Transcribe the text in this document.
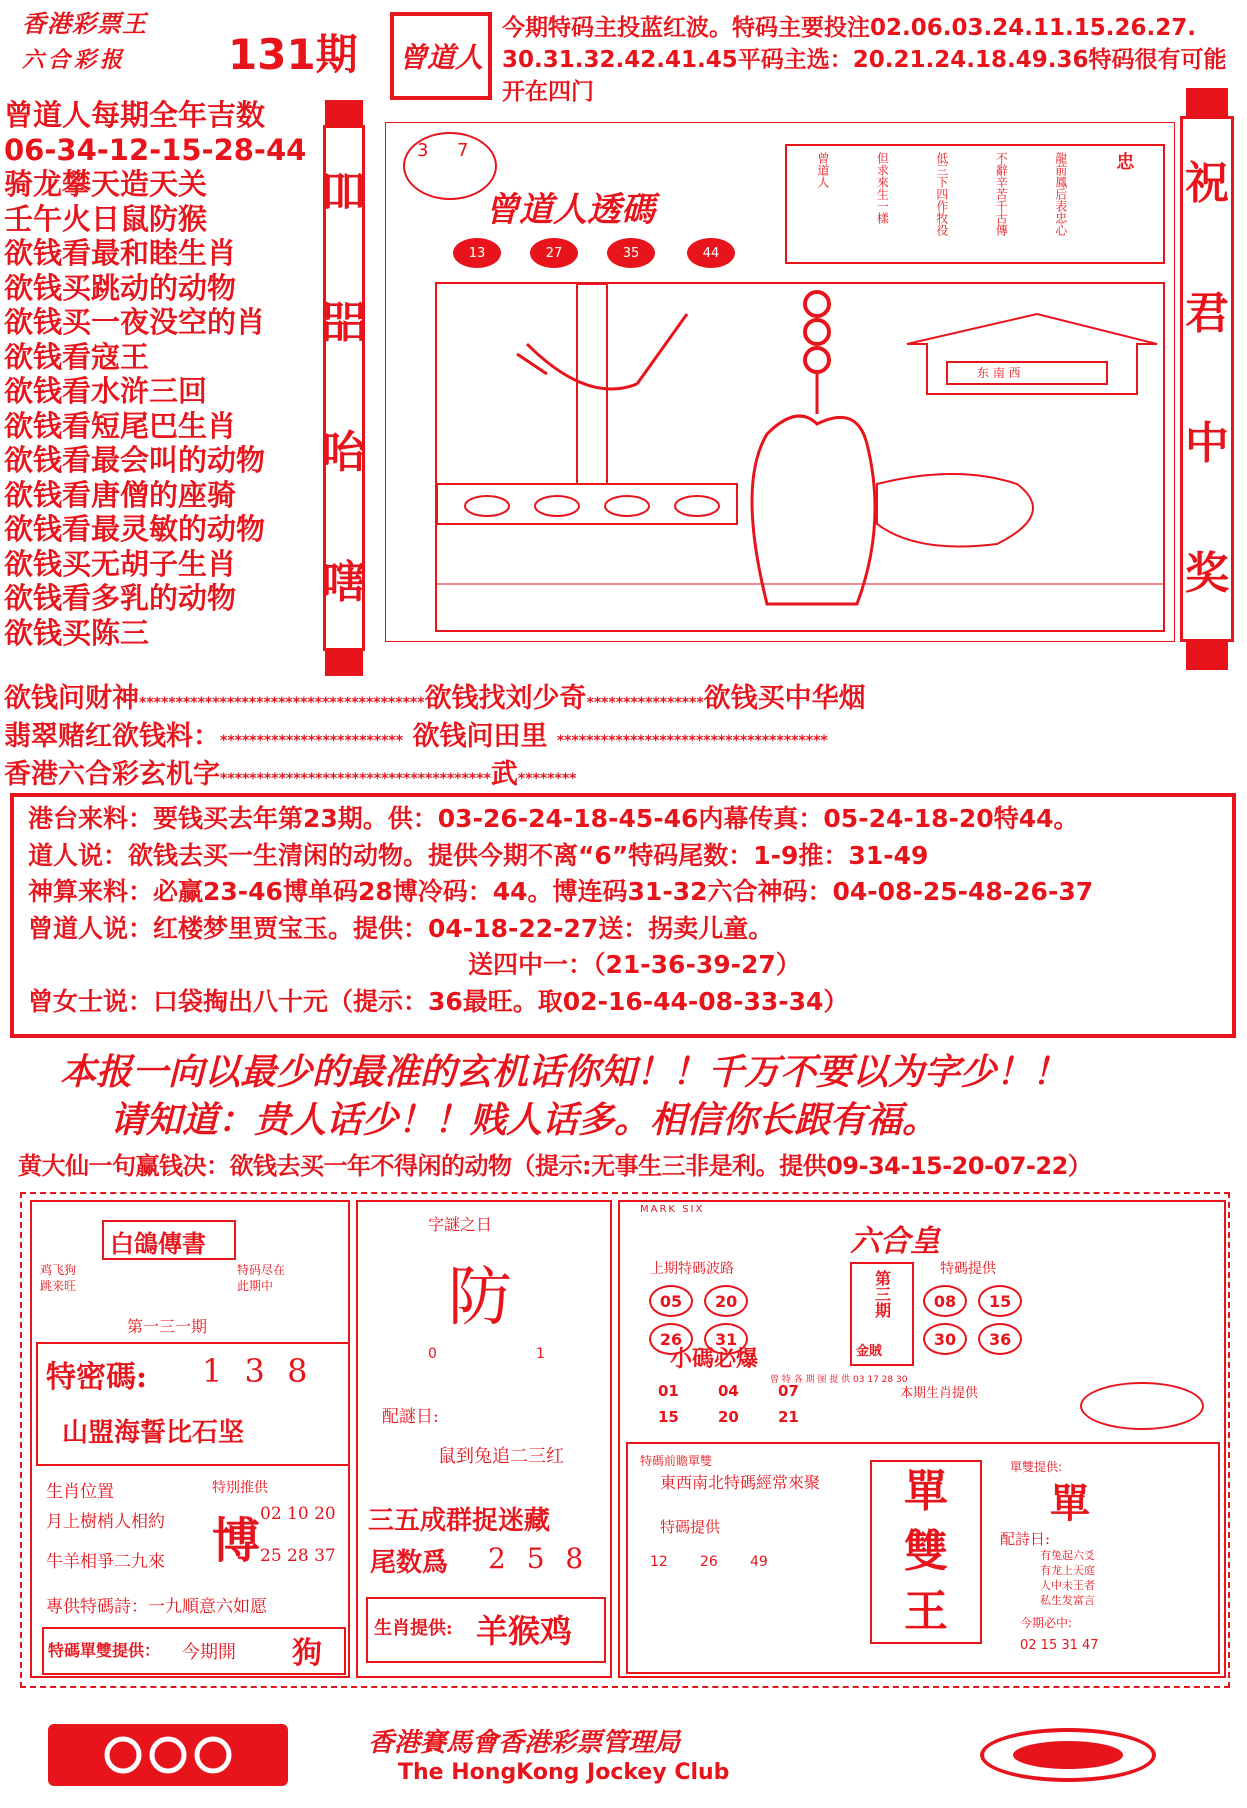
香港彩票王
六合彩报	131期 曾道人
今期特码主投蓝红波。特码主要投注02.06.03.24.11.15.26.27.
30.31.32.42.41.45平码主选：20.21.24.18.49.36特码很有可能
开在四门
曾道人每期全年吉数
06-34-12-15-28-44
骑龙攀天造天关
壬午火日鼠防猴
欲钱看最和睦生肖
欲钱买跳动的动物
欲钱买一夜没空的肖
欲钱看寇王
欲钱看水浒三回
欲钱看短尾巴生肖
欲钱看最会叫的动物
欲钱看唐僧的座骑
欲钱看最灵敏的动物
欲钱买无胡子生肖
欲钱看多乳的动物
欲钱买陈三
吅
㗊
咍
嗐
祝
君
中
奖
3 7
曾道人透碼
13	27	35	44
忠
龍前鳳后表忠心
不辭辛苦千古傳
低三下四作牧役
但求來生一樣
曾道人
东 南 西
欲钱问财神***************************************欲钱找刘少奇****************欲钱买中华烟
翡翠赌红欲钱料：************************* 欲钱问田里 *************************************
香港六合彩玄机字*************************************武********
港台来料：要钱买去年第23期。供：03-26-24-18-45-46内幕传真：05-24-18-20特44。
道人说：欲钱去买一生清闲的动物。提供今期不离“6”特码尾数：1-9推：31-49
神算来料：必赢23-46博单码28博冷码：44。博连码31-32六合神码：04-08-25-48-26-37
曾道人说：红楼梦里贾宝玉。提供：04-18-22-27送：拐卖儿童。
送四中一：（21-36-39-27）
曾女士说：口袋掏出八十元（提示：36最旺。取02-16-44-08-33-34）
本报一向以最少的最准的玄机话你知！！千万不要以为字少！！
请知道：贵人话少！！贱人话多。相信你长跟有福。
黄大仙一句赢钱决：欲钱去买一年不得闲的动物（提示:无事生三非是利。提供09-34-15-20-07-22）
白鴿傳書
鸡飞狗
跳来旺
特码尽在
此期中
第一三一期
特密碼: 1 3 8
山盟海誓比石坚
生肖位置
月上樹梢人相約
牛羊相爭二九來
特別推供
博 02 10 20
25 28 37
專供特碼詩：一九順意六如愿
特碼單雙提供： 今期開 狗
字謎之日
防
0	1
配謎日:
鼠到兔追二三红
三五成群捉迷藏
尾数爲 2 5 8
生肖提供: 羊猴鸡
MARK SIX
六合皇
上期特碼波路
05 20 26 31
第三期
金賊
特碼提供
08 15 30 36
曾 特 各 期 图 提 供 03 17 28 30
小碼必爆
01	04	07
15	20	21
本期生肖提供
特碼前瞻單雙
東西南北特碼經常來聚
特碼提供
12 26 49
單
雙
王
單雙提供:
單
配詩日:
有兔起六爻
有龙上天庭
人中未王者
私生发富言
今期必中:
02 15 31 47
香港賽馬會香港彩票管理局
The HongKong Jockey Club
